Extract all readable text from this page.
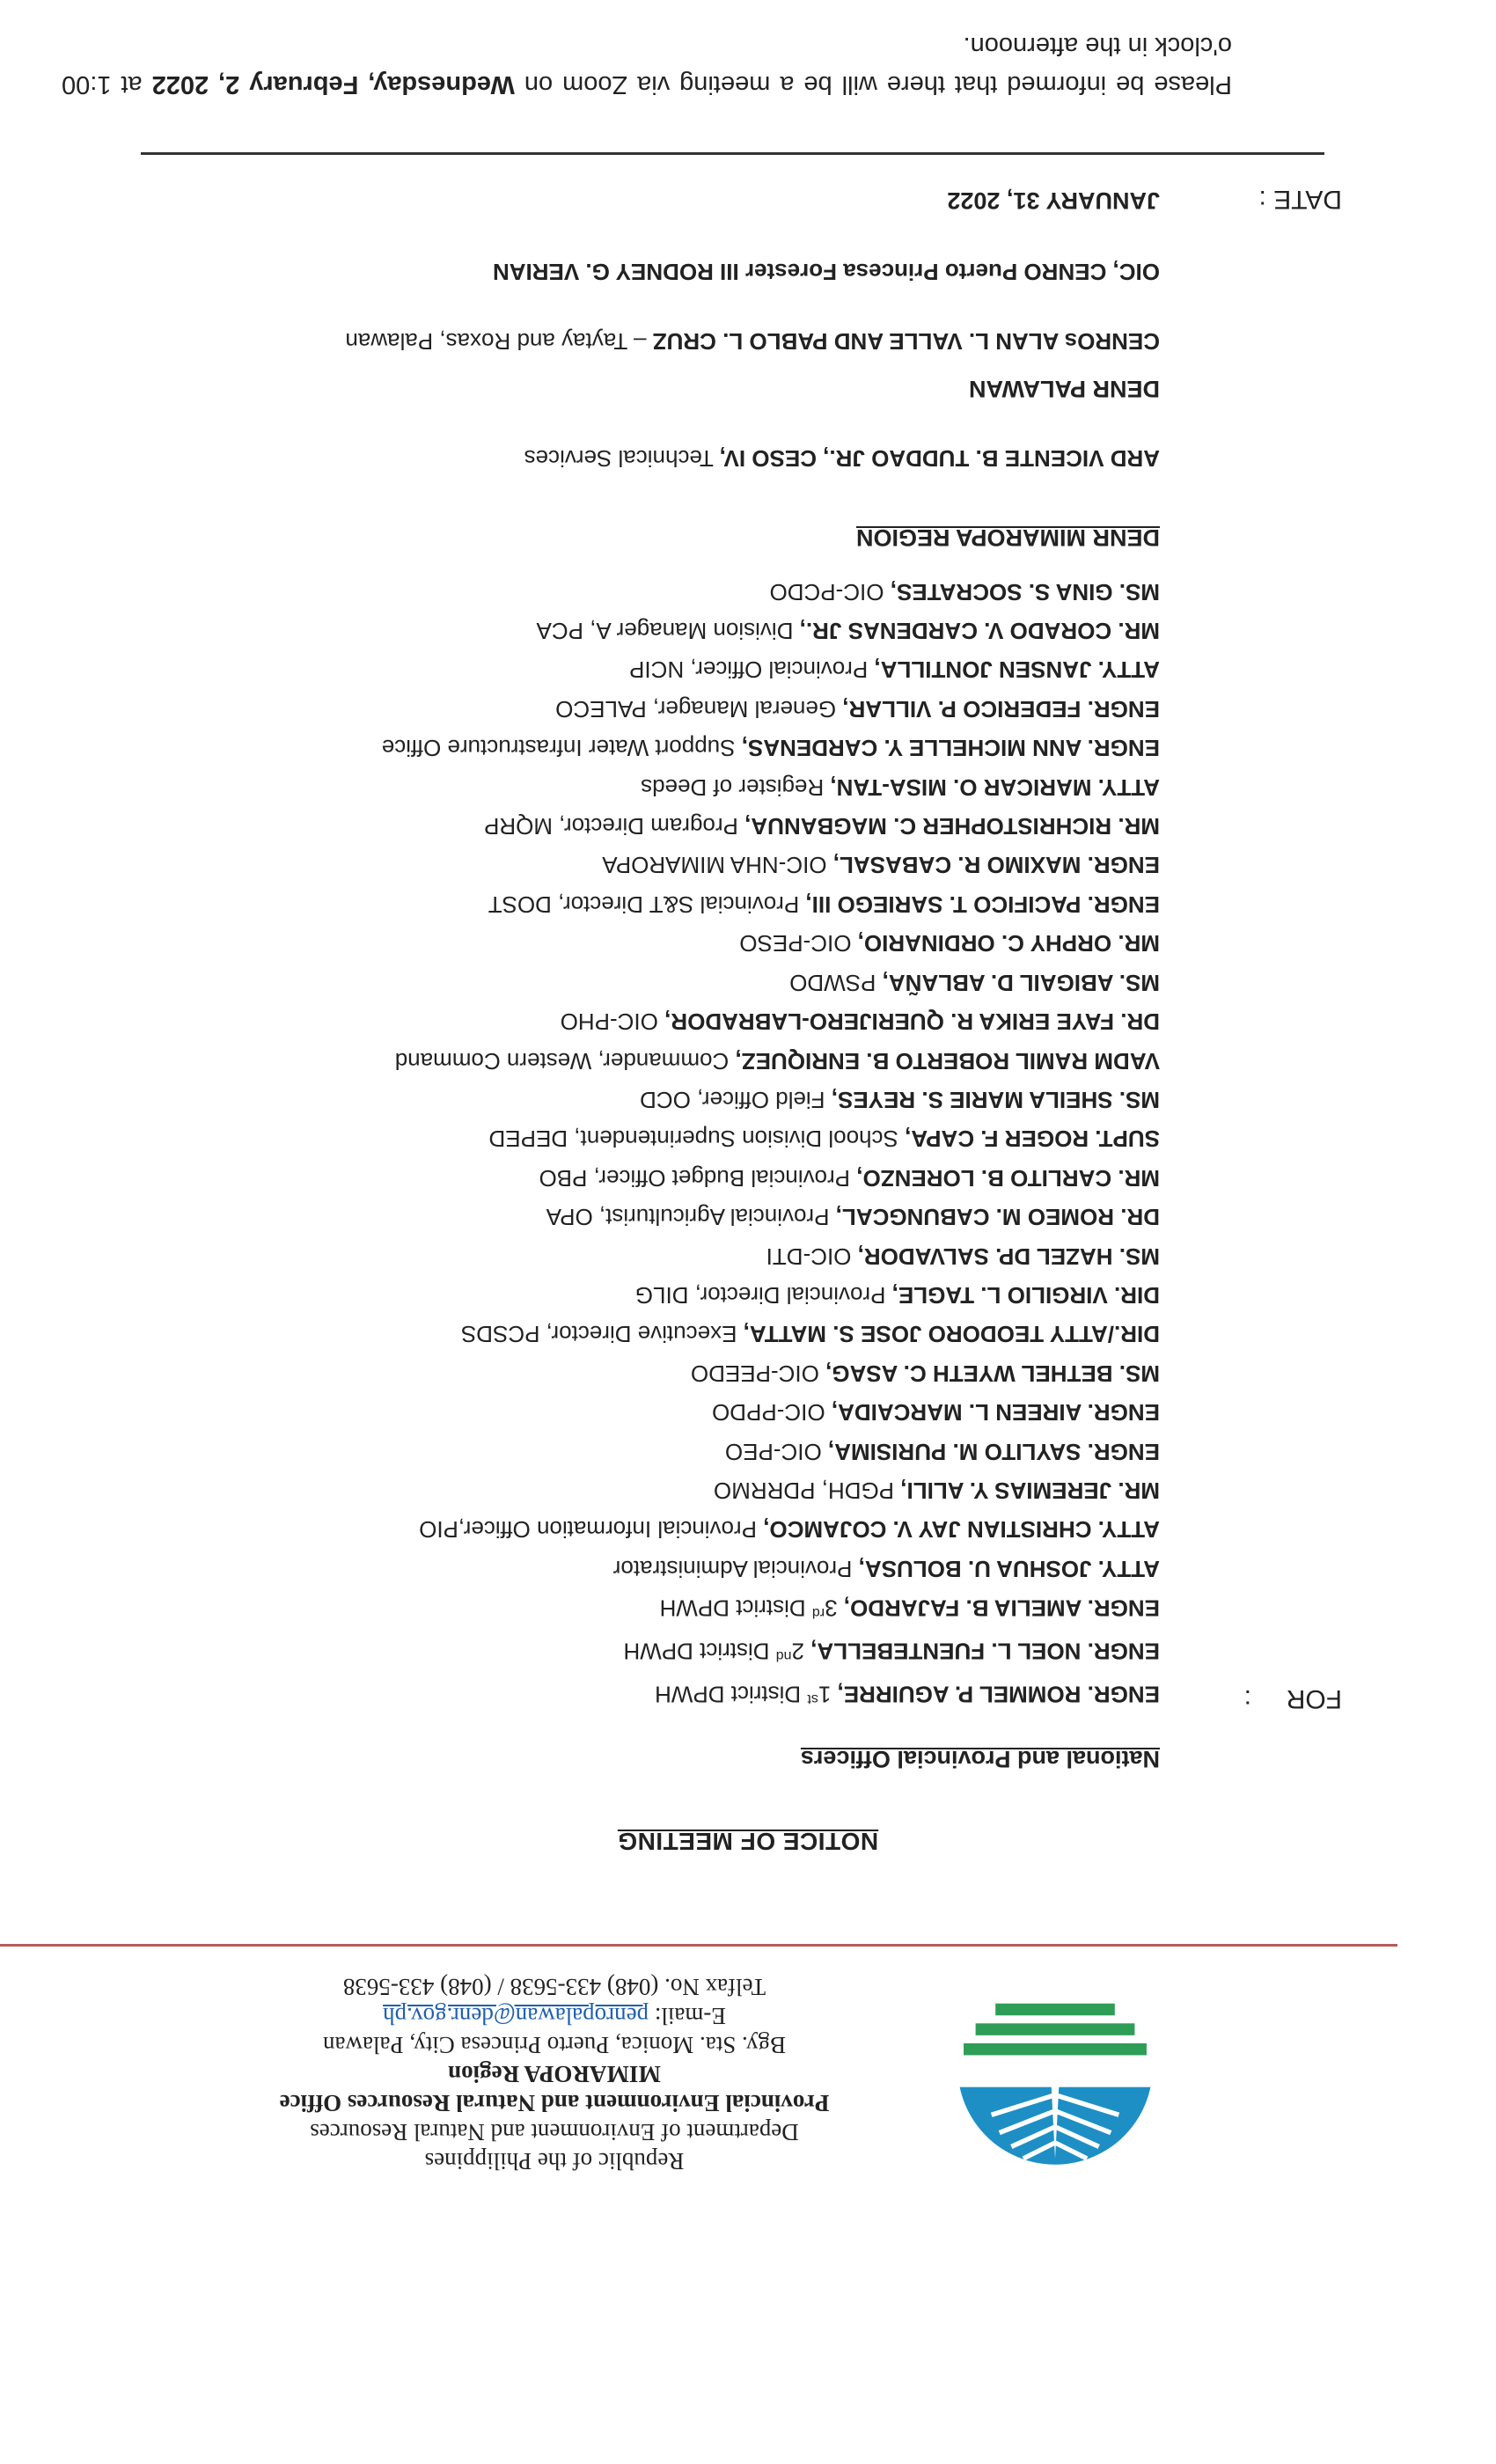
Republic of the Philippines
Department of Environment and Natural Resources
Provincial Environment and Natural Resources Office
MIMAROPA Region
Bgy. Sta. Monica, Puerto Princesa City, Palawan
E-mail: penropalawan@denr.gov.ph
Telfax No. (048) 433-5638 / (048) 433-5638
NOTICE OF MEETING
National and Provincial Officers
FOR
:
ENGR. ROMMEL P. AGUIRRE, 1st District DPWH
ENGR. NOEL L. FUENTEBELLA, 2nd District DPWH
ENGR. AMELIA B. FAJARDO, 3rd District DPWH
ATTY. JOSHUA U. BOLUSA, Provincial Administrator
ATTY. CHRISTIAN JAY V. COJAMCO, Provincial Information Officer,PIO
MR. JEREMIAS Y. ALILI, PGDH, PDRRMO
ENGR. SAYLITO M. PURISIMA, OIC-PEO
ENGR. AIREEN L. MARCAIDA, OIC-PPDO
MS. BETHEL WYETH C. ASAG, OIC-PEEDO
DIR./ATTY TEODORO JOSE S. MATTA, Executive Director, PCSDS
DIR. VIRGILIO L. TAGLE, Provincial Director, DILG
MS. HAZEL DP. SALVADOR, OIC-DTI
DR. ROMEO M. CABUNGCAL, Provincial Agriculturist, OPA
MR. CARLITO B. LORENZO, Provincial Budget Officer, PBO
SUPT. ROGER F. CAPA, School Division Superintendent, DEPED
MS. SHEILA MARIE S. REYES, Field Officer, OCD
VADM RAMIL ROBERTO B. ENRIQUEZ, Commander, Western Command
DR. FAYE ERIKA R. QUERIJERO-LABRADOR, OIC-PHO
MS. ABIGAIL D. ABLAÑA, PSWDO
MR. ORPHY C. ORDINARIO, OIC-PESO
ENGR. PACIFICO T. SARIEGO III, Provincial S&T Director, DOST
ENGR. MAXIMO R. CABASAL, OIC-NHA MIMAROPA
MR. RICHRISTOPHER C. MAGBANUA, Program Director, MQRP
ATTY. MARICAR O. MISA-TAN, Register of Deeds
ENGR. ANN MICHELLE Y. CARDENAS, Support Water Infrastructure Office
ENGR. FEDERICO P. VILLAR, General Manager, PALECO
ATTY. JANSEN JONTILLA, Provincial Officer, NCIP
MR. CORADO V. CARDENAS JR., Division Manager A, PCA
MS. GINA S. SOCRATES, OIC-PCDO
DENR MIMAROPA REGION
ARD VICENTE B. TUDDAO JR., CESO IV, Technical Services
DENR PALAWAN
CENROs ALAN L. VALLE AND PABLO L. CRUZ – Taytay and Roxas, Palawan
OIC, CENRO Puerto Princesa Forester III RODNEY G. VERIAN
DATE :
JANUARY 31, 2022
Please be informed that there will be a meeting via Zoom on Wednesday, February 2, 2022 at 1:00 o'clock in the afternoon.
